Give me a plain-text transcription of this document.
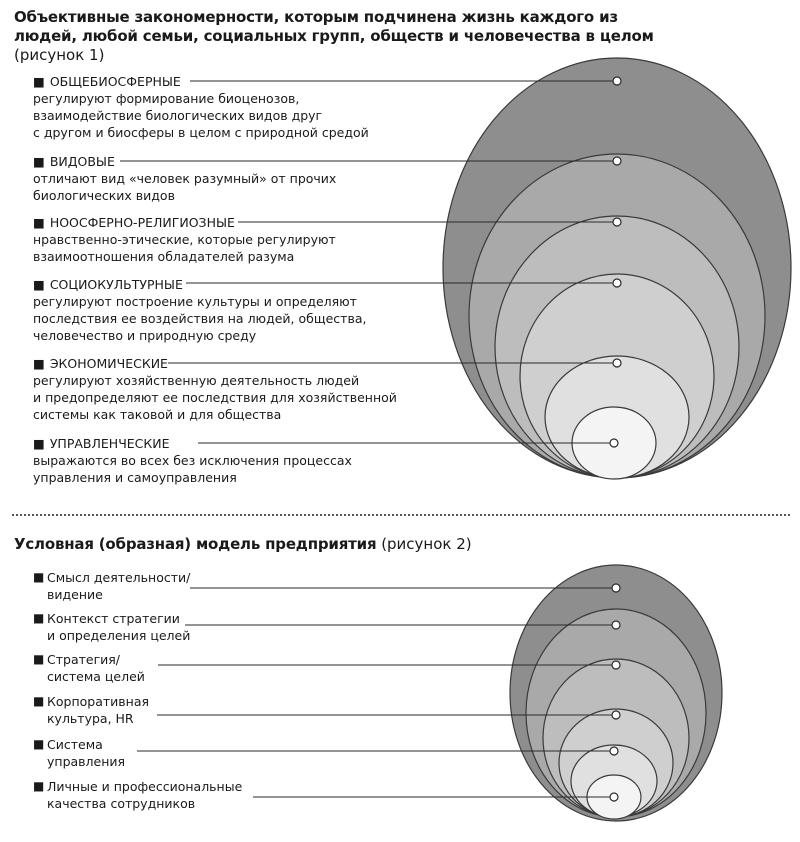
Объективные закономерности, которым подчинена жизнь каждого из людей, любой семьи, социальных групп, обществ и человечества в целом (рисунок 1)
■ ОБЩЕБИОСФЕРНЫЕ
регулируют формирование биоценозов,
взаимодействие биологических видов друг
с другом и биосферы в целом с природной средой
■ ВИДОВЫЕ
отличают вид «человек разумный» от прочих
биологических видов
■ НООСФЕРНО-РЕЛИГИОЗНЫЕ
нравственно-этические, которые регулируют
взаимоотношения обладателей разума
■ СОЦИОКУЛЬТУРНЫЕ
регулируют построение культуры и определяют
последствия ее воздействия на людей, общества,
человечество и природную среду
■ ЭКОНОМИЧЕСКИЕ
регулируют хозяйственную деятельность людей
и предопределяют ее последствия для хозяйственной
системы как таковой и для общества
■ УПРАВЛЕНЧЕСКИЕ
выражаются во всех без исключения процессах
управления и самоуправления
Условная (образная) модель предприятия (рисунок 2)
■ Смысл деятельности/
видение
■ Контекст стратегии
и определения целей
■ Стратегия/
система целей
■ Корпоративная
культура, HR
■ Система
управления
■ Личные и профессиональные
качества сотрудников
